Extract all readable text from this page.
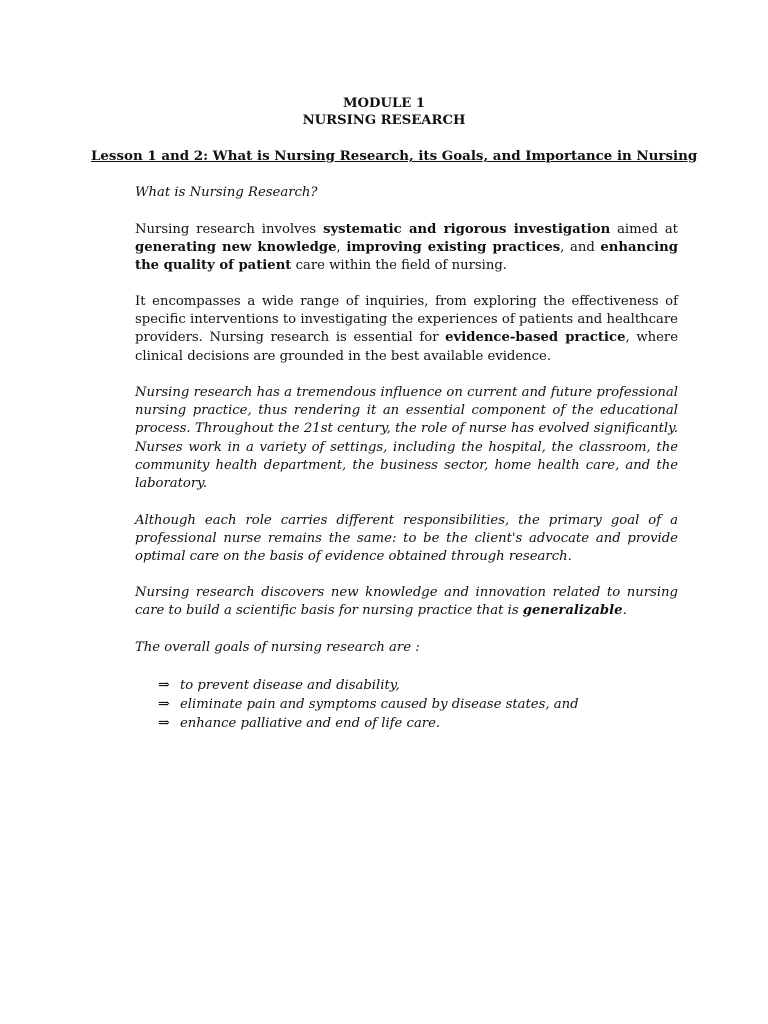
MODULE 1
NURSING RESEARCH
Lesson 1 and 2: What is Nursing Research, its Goals, and Importance in Nursing
What is Nursing Research?
Nursing research involves systematic and rigorous investigation aimed at generating new knowledge, improving existing practices, and enhancing the quality of patient care within the field of nursing.
It encompasses a wide range of inquiries, from exploring the effectiveness of specific interventions to investigating the experiences of patients and healthcare providers. Nursing research is essential for evidence-based practice, where clinical decisions are grounded in the best available evidence.
Nursing research has a tremendous influence on current and future professional nursing practice, thus rendering it an essential component of the educational process. Throughout the 21st century, the role of nurse has evolved significantly. Nurses work in a variety of settings, including the hospital, the classroom, the community health department, the business sector, home health care, and the laboratory.
Although each role carries different responsibilities, the primary goal of a professional nurse remains the same: to be the client's advocate and provide optimal care on the basis of evidence obtained through research.
Nursing research discovers new knowledge and innovation related to nursing care to build a scientific basis for nursing practice that is generalizable.
The overall goals of nursing research are :
⇒ to prevent disease and disability,
⇒ eliminate pain and symptoms caused by disease states, and
⇒ enhance palliative and end of life care.
